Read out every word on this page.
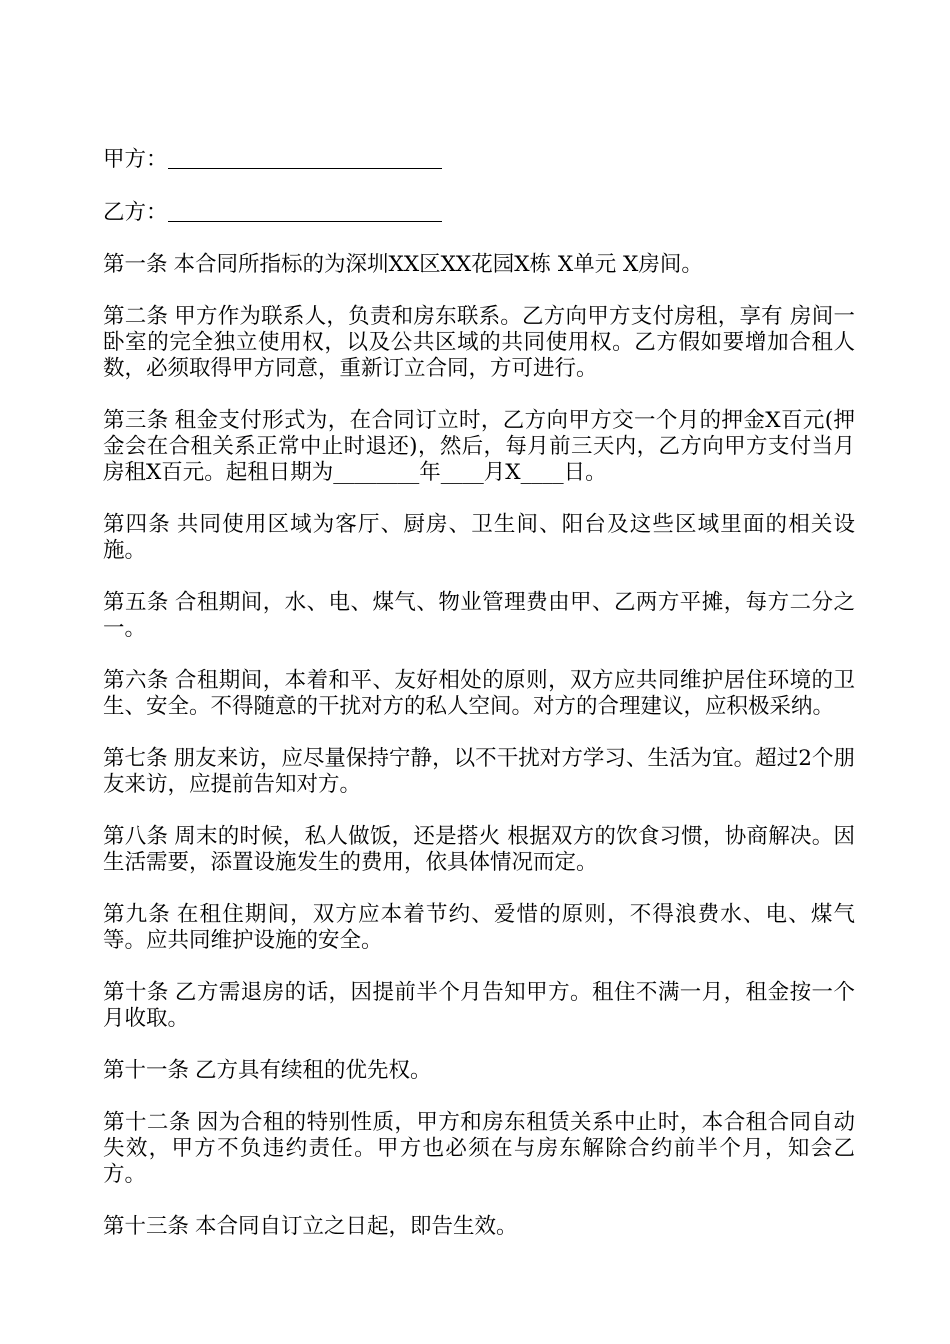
甲方：
乙方：

第一条 本合同所指标的为深圳XX区XX花园X栋 X单元 X房间。

第二条 甲方作为联系人，负责和房东联系。乙方向甲方支付房租，享有 房间一卧室的完全独立使用权，以及公共区域的共同使用权。乙方假如要增加合租人数，必须取得甲方同意，重新订立合同，方可进行。

第三条 租金支付形式为，在合同订立时，乙方向甲方交一个月的押金X百元(押金会在合租关系正常中止时退还)，然后，每月前三天内，乙方向甲方支付当月房租X百元。起租日期为________年____月X____日。

第四条 共同使用区域为客厅、厨房、卫生间、阳台及这些区域里面的相关设施。

第五条 合租期间，水、电、煤气、物业管理费由甲、乙两方平摊，每方二分之一。

第六条 合租期间，本着和平、友好相处的原则，双方应共同维护居住环境的卫生、安全。不得随意的干扰对方的私人空间。对方的合理建议，应积极采纳。

第七条 朋友来访，应尽量保持宁静，以不干扰对方学习、生活为宜。超过2个朋友来访，应提前告知对方。

第八条 周末的时候，私人做饭，还是搭火 根据双方的饮食习惯，协商解决。因生活需要，添置设施发生的费用，依具体情况而定。

第九条 在租住期间，双方应本着节约、爱惜的原则，不得浪费水、电、煤气等。应共同维护设施的安全。

第十条 乙方需退房的话，因提前半个月告知甲方。租住不满一月，租金按一个月收取。

第十一条 乙方具有续租的优先权。

第十二条 因为合租的特别性质，甲方和房东租赁关系中止时，本合租合同自动失效，甲方不负违约责任。甲方也必须在与房东解除合约前半个月，知会乙方。

第十三条 本合同自订立之日起，即告生效。
